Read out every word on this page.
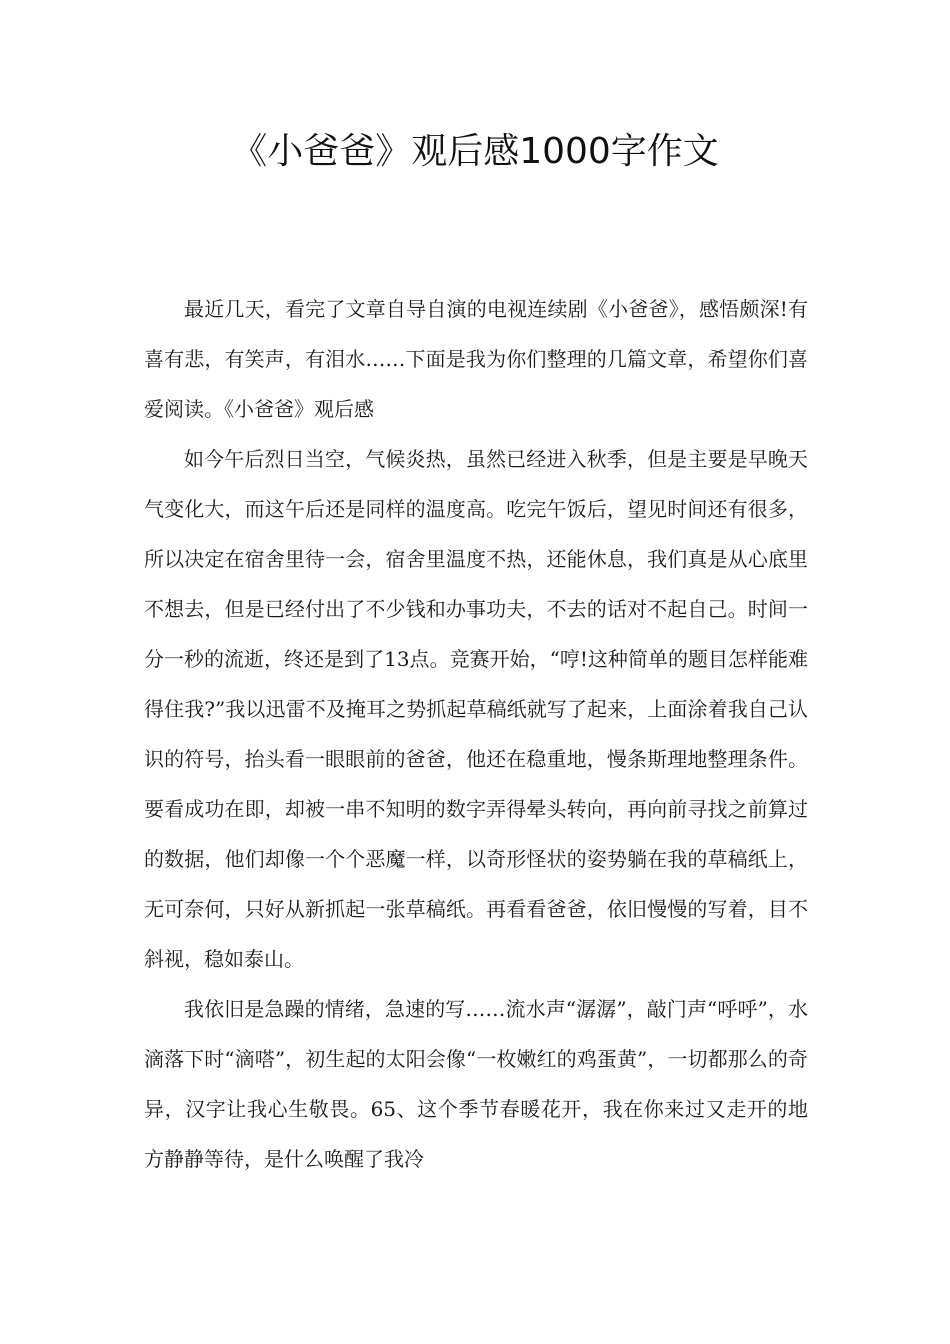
《小爸爸》观后感1000字作文

最近几天，看完了文章自导自演的电视连续剧《小爸爸》，感悟颇深!有喜有悲，有笑声，有泪水……下面是我为你们整理的几篇文章，希望你们喜爱阅读。《小爸爸》观后感

如今午后烈日当空，气候炎热，虽然已经进入秋季，但是主要是早晚天气变化大，而这午后还是同样的温度高。吃完午饭后，望见时间还有很多，所以决定在宿舍里待一会，宿舍里温度不热，还能休息，我们真是从心底里不想去，但是已经付出了不少钱和办事功夫，不去的话对不起自己。时间一分一秒的流逝，终还是到了13点。竞赛开始，“哼!这种简单的题目怎样能难得住我?”我以迅雷不及掩耳之势抓起草稿纸就写了起来，上面涂着我自己认识的符号，抬头看一眼眼前的爸爸，他还在稳重地，慢条斯理地整理条件。要看成功在即，却被一串不知明的数字弄得晕头转向，再向前寻找之前算过的数据，他们却像一个个恶魔一样，以奇形怪状的姿势躺在我的草稿纸上，无可奈何，只好从新抓起一张草稿纸。再看看爸爸，依旧慢慢的写着，目不斜视，稳如泰山。

我依旧是急躁的情绪，急速的写……流水声“潺潺”，敲门声“呼呼”，水滴落下时“滴嗒”，初生起的太阳会像“一枚嫩红的鸡蛋黄”，一切都那么的奇异，汉字让我心生敬畏。65、这个季节春暖花开，我在你来过又走开的地方静静等待，是什么唤醒了我冷
